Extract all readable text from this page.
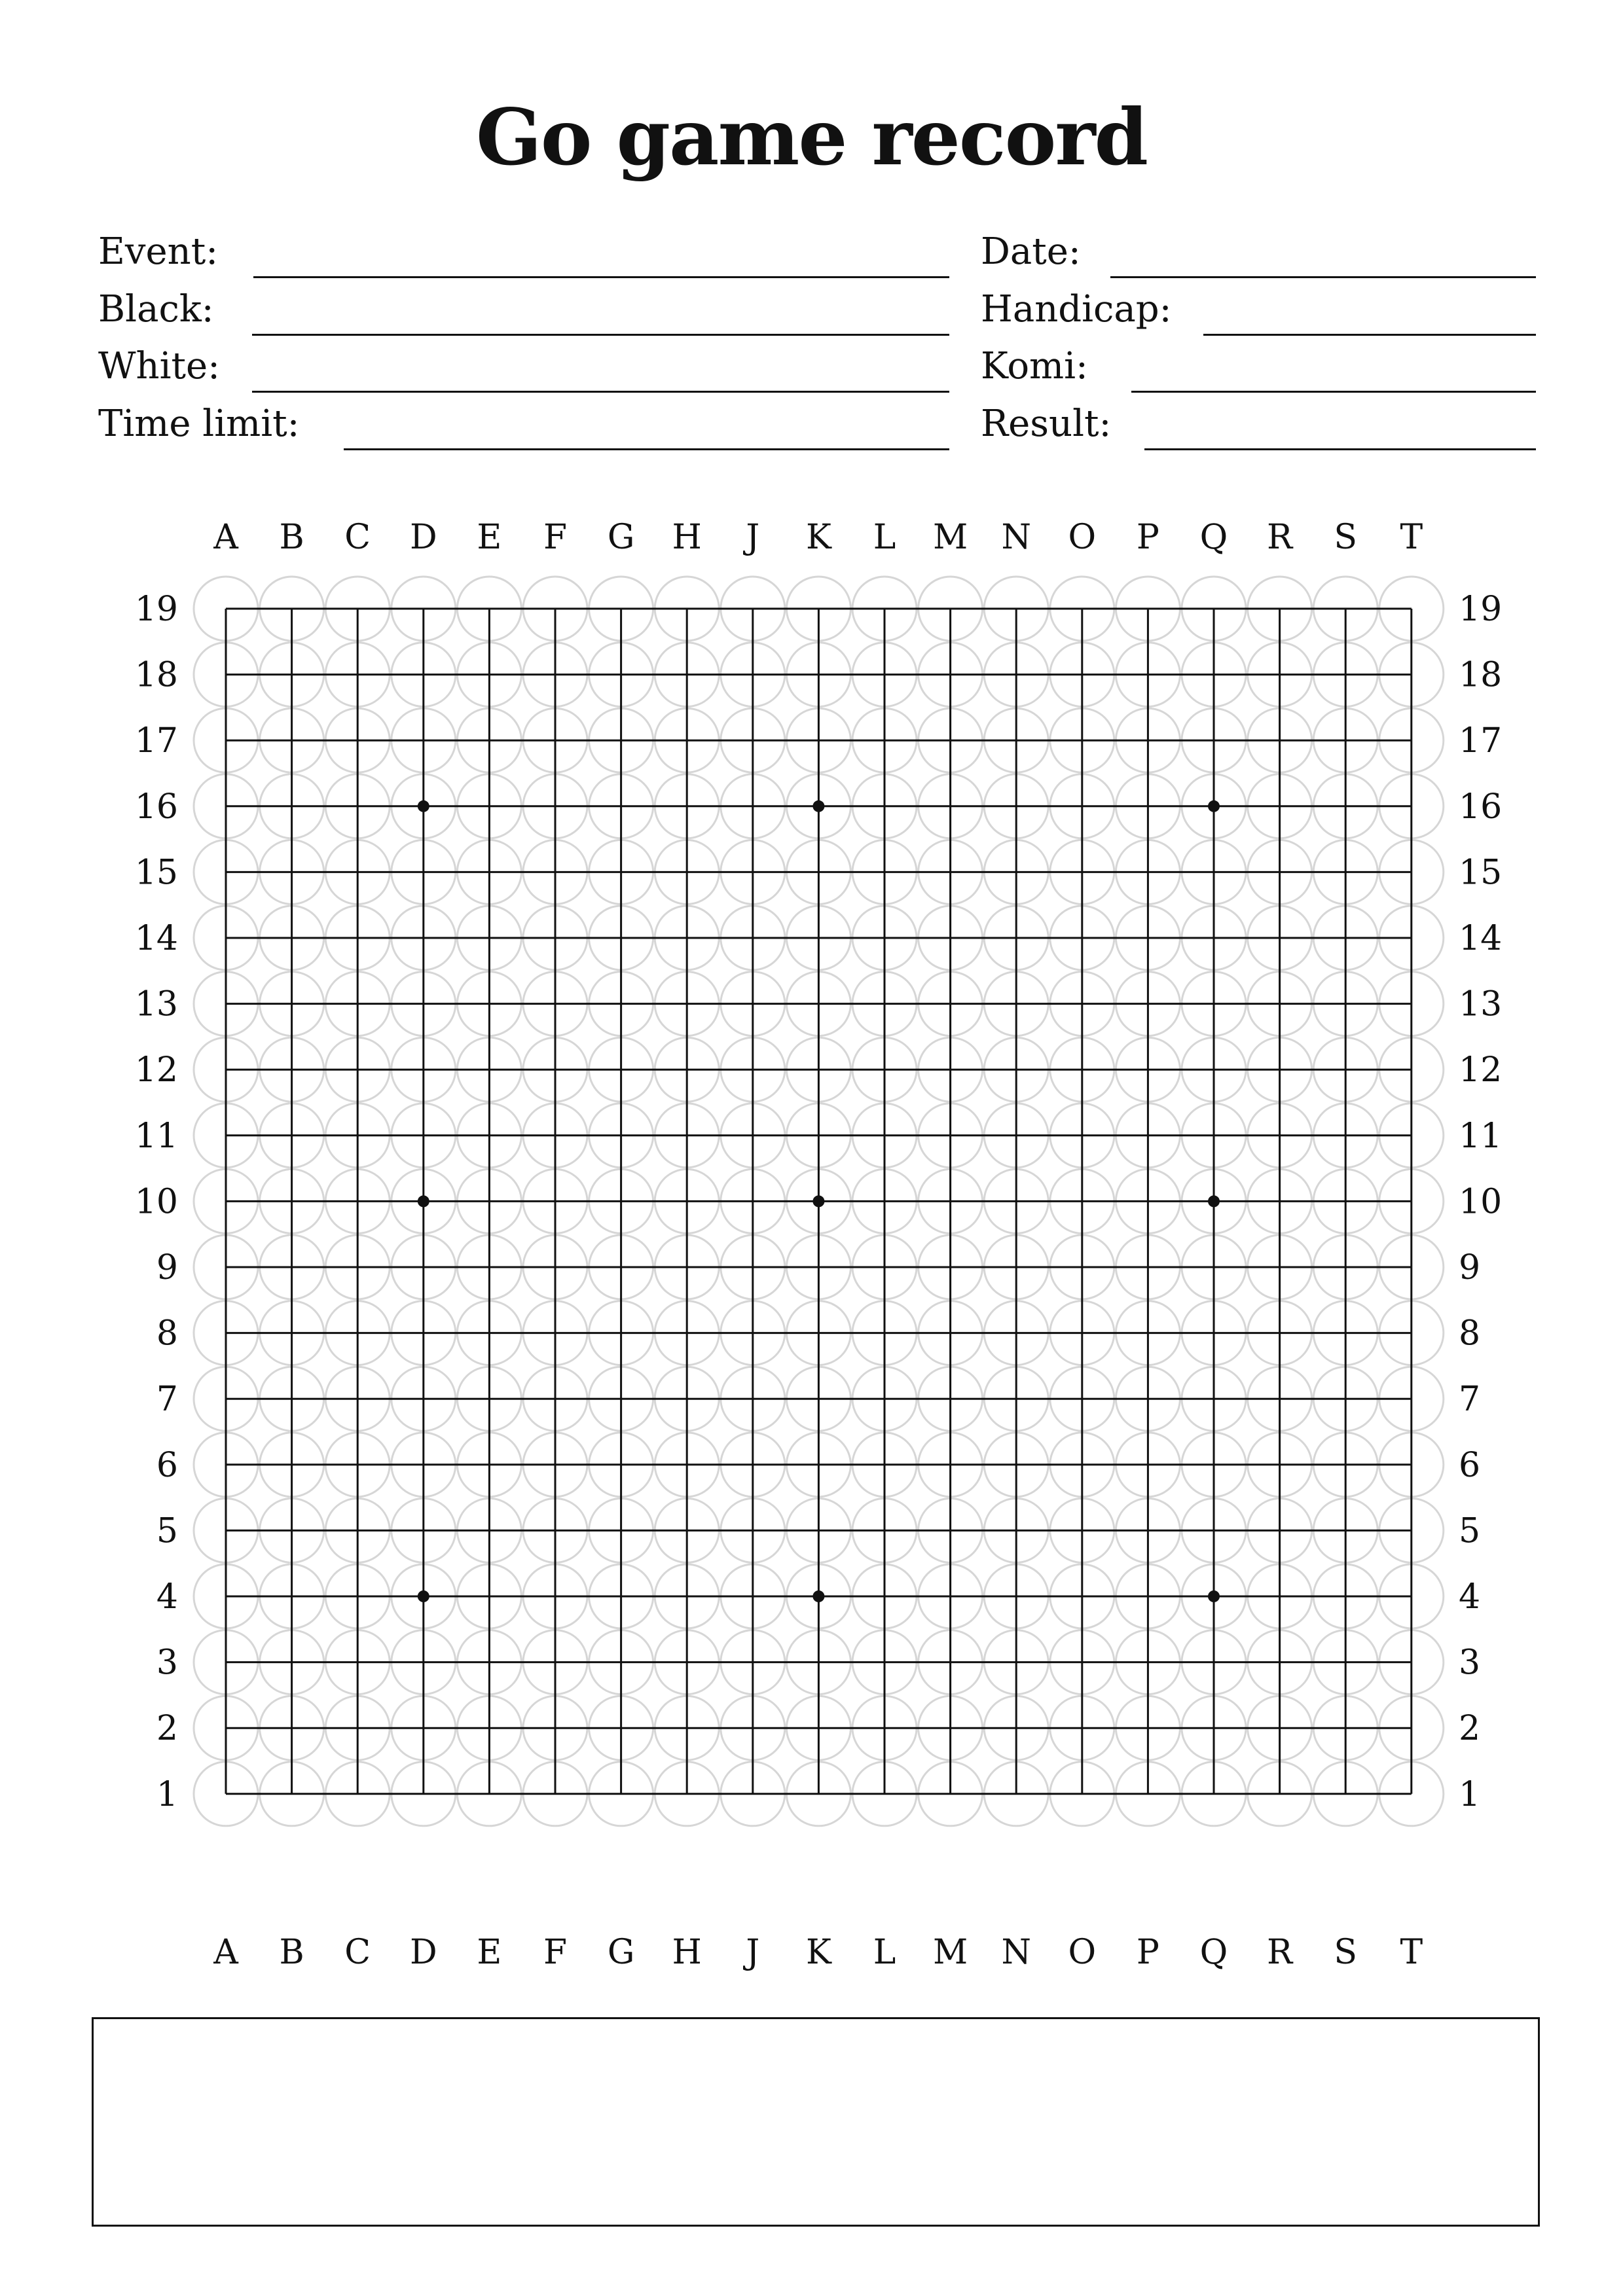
Go game record
Event:
Black:
White:
Time limit:
Date:
Handicap:
Komi:
Result:
A
A
B
B
C
C
D
D
E
E
F
F
G
G
H
H
J
J
K
K
L
L
M
M
N
N
O
O
P
P
Q
Q
R
R
S
S
T
T
19	19
18	18
17	17
16	16
15	15
14	14
13	13
12	12
11	11
10	10
9	9
8	8
7	7
6	6
5	5
4	4
3	3
2	2
1	1
